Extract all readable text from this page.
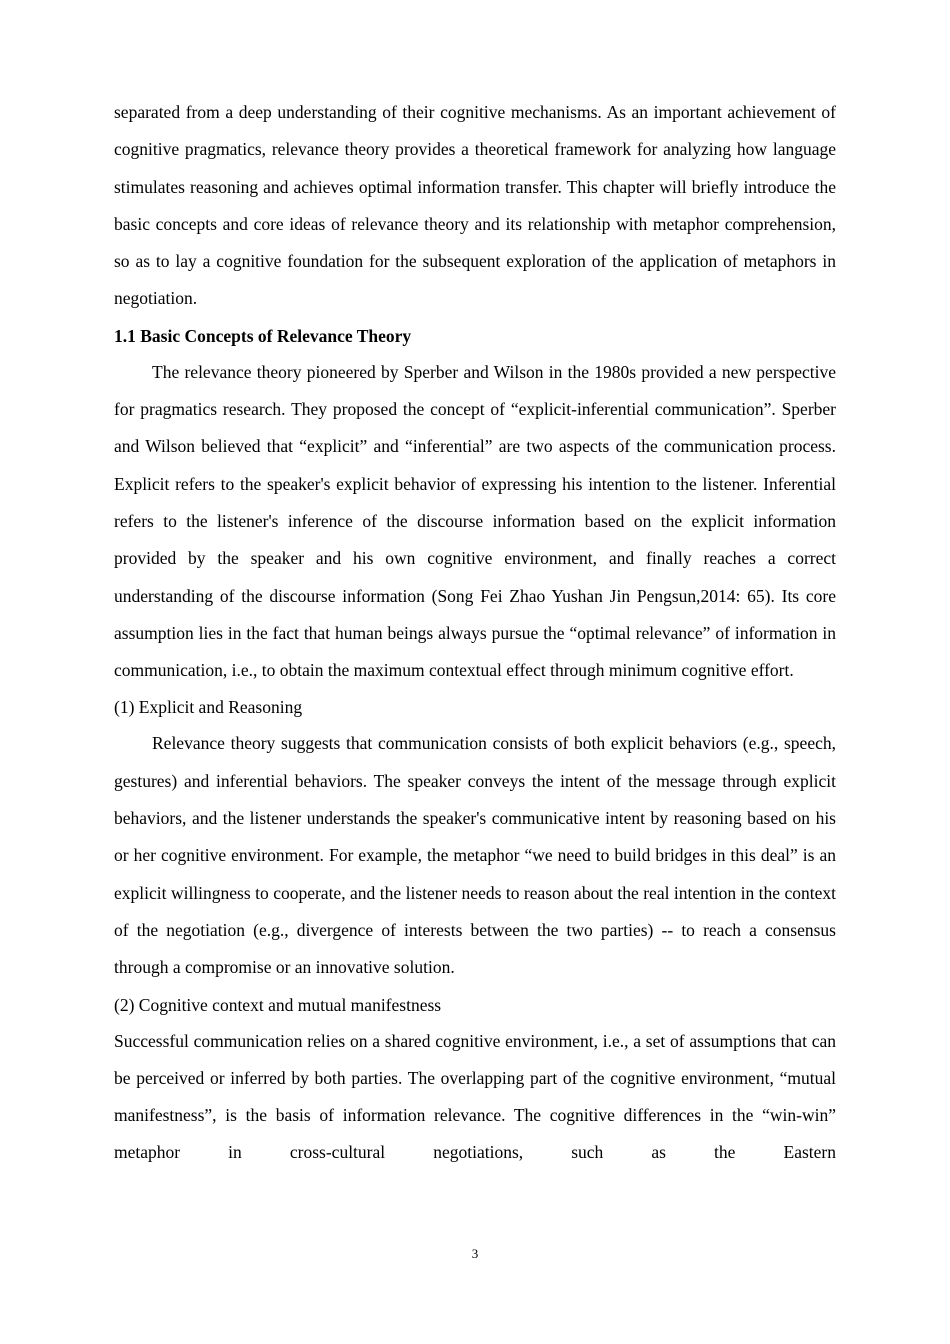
separated from a deep understanding of their cognitive mechanisms. As an important achievement of cognitive pragmatics, relevance theory provides a theoretical framework for analyzing how language stimulates reasoning and achieves optimal information transfer. This chapter will briefly introduce the basic concepts and core ideas of relevance theory and its relationship with metaphor comprehension, so as to lay a cognitive foundation for the subsequent exploration of the application of metaphors in negotiation.

1.1 Basic Concepts of Relevance Theory

The relevance theory pioneered by Sperber and Wilson in the 1980s provided a new perspective for pragmatics research. They proposed the concept of “explicit-inferential communication”. Sperber and Wilson believed that “explicit” and “inferential” are two aspects of the communication process. Explicit refers to the speaker's explicit behavior of expressing his intention to the listener. Inferential refers to the listener's inference of the discourse information based on the explicit information provided by the speaker and his own cognitive environment, and finally reaches a correct understanding of the discourse information (Song Fei Zhao Yushan Jin Pengsun,2014: 65). Its core assumption lies in the fact that human beings always pursue the “optimal relevance” of information in communication, i.e., to obtain the maximum contextual effect through minimum cognitive effort.

(1) Explicit and Reasoning

Relevance theory suggests that communication consists of both explicit behaviors (e.g., speech, gestures) and inferential behaviors. The speaker conveys the intent of the message through explicit behaviors, and the listener understands the speaker's communicative intent by reasoning based on his or her cognitive environment. For example, the metaphor “we need to build bridges in this deal” is an explicit willingness to cooperate, and the listener needs to reason about the real intention in the context of the negotiation (e.g., divergence of interests between the two parties) -- to reach a consensus through a compromise or an innovative solution.

(2) Cognitive context and mutual manifestness

Successful communication relies on a shared cognitive environment, i.e., a set of assumptions that can be perceived or inferred by both parties. The overlapping part of the cognitive environment, “mutual manifestness”, is the basis of information relevance. The cognitive differences in the “win-win” metaphor in cross-cultural negotiations, such as the Eastern

3
